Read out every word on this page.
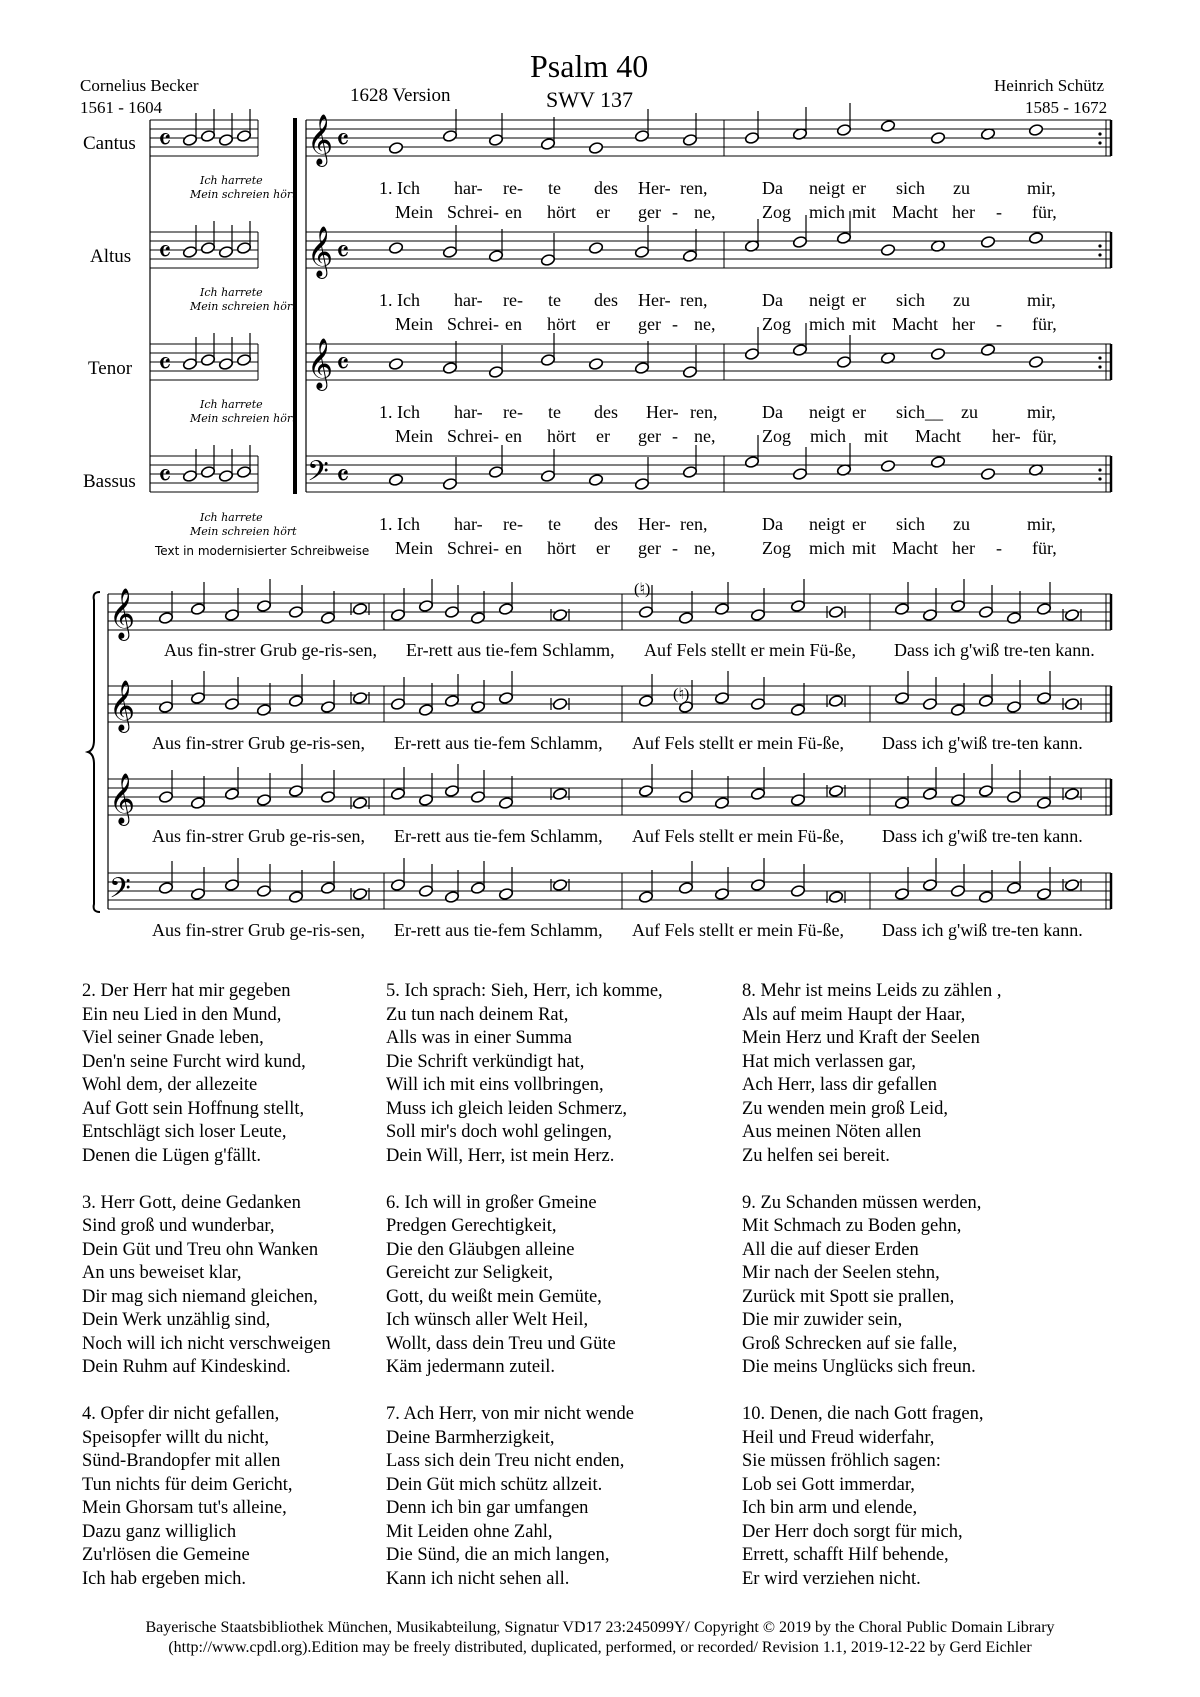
Psalm 40
SWV 137
1628 Version
Cornelius Becker
1561 - 1604
Heinrich Schütz
1585 - 1672
Cantus
Altus
Tenor
Bassus
Ich harrete
Mein schreien hört
Ich harrete
Mein schreien hört
Ich harrete
Mein schreien hört
Ich harrete
Mein schreien hört
Text in modernisierter Schreibweise
𝄴	𝄴
𝄞
𝄴	𝄴
𝄞
𝄴	𝄴
𝄞
𝄴	𝄴
𝄢
𝄞
𝄞
𝄞
𝄢
1. Ich har- re- te des Her- ren,	Da neigt er sich zu	mir,
Mein Schrei- en hört er ger - ne,	Zog mich mit Macht her - für,
1. Ich har- re- te des Her- ren,	Da neigt er sich zu	mir,
Mein Schrei- en hört er ger - ne,	Zog mich mit Macht her - für,
1. Ich har- re- te des Her- ren,	Da neigt er sich zu	mir,
Mein Schrei- en hört er ger - ne,	Zog mich mit Macht her - für,
1. Ich har- re- te des Her- ren, Da neigt er sich__ zu	mir,
Mein Schrei- en hört er ger - ne,	Zog mich mit Macht her- für,
Aus fin-strer Grub ge-ris-sen, Er-rett aus tie-fem Schlamm, Auf Fels stellt er mein Fü-ße, Dass ich g'wiß tre-ten kann.
Aus fin-strer Grub ge-ris-sen, Er-rett aus tie-fem Schlamm, Auf Fels stellt er mein Fü-ße, Dass ich g'wiß tre-ten kann.
Aus fin-strer Grub ge-ris-sen, Er-rett aus tie-fem Schlamm, Auf Fels stellt er mein Fü-ße, Dass ich g'wiß tre-ten kann.
Aus fin-strer Grub ge-ris-sen, Er-rett aus tie-fem Schlamm, Auf Fels stellt er mein Fü-ße, Dass ich g'wiß tre-ten kann.
(♮)
(♮)
2. Der Herr hat mir gegeben
Ein neu Lied in den Mund,
Viel seiner Gnade leben,
Den'n seine Furcht wird kund,
Wohl dem, der allezeite
Auf Gott sein Hoffnung stellt,
Entschlägt sich loser Leute,
Denen die Lügen g'fällt.
3. Herr Gott, deine Gedanken
Sind groß und wunderbar,
Dein Güt und Treu ohn Wanken
An uns beweiset klar,
Dir mag sich niemand gleichen,
Dein Werk unzählig sind,
Noch will ich nicht verschweigen
Dein Ruhm auf Kindeskind.
4. Opfer dir nicht gefallen,
Speisopfer willt du nicht,
Sünd-Brandopfer mit allen
Tun nichts für deim Gericht,
Mein Ghorsam tut's alleine,
Dazu ganz williglich
Zu'rlösen die Gemeine
Ich hab ergeben mich.
5. Ich sprach: Sieh, Herr, ich komme,
Zu tun nach deinem Rat,
Alls was in einer Summa
Die Schrift verkündigt hat,
Will ich mit eins vollbringen,
Muss ich gleich leiden Schmerz,
Soll mir's doch wohl gelingen,
Dein Will, Herr, ist mein Herz.
6. Ich will in großer Gmeine
Predgen Gerechtigkeit,
Die den Gläubgen alleine
Gereicht zur Seligkeit,
Gott, du weißt mein Gemüte,
Ich wünsch aller Welt Heil,
Wollt, dass dein Treu und Güte
Käm jedermann zuteil.
7. Ach Herr, von mir nicht wende
Deine Barmherzigkeit,
Lass sich dein Treu nicht enden,
Dein Güt mich schütz allzeit.
Denn ich bin gar umfangen
Mit Leiden ohne Zahl,
Die Sünd, die an mich langen,
Kann ich nicht sehen all.
8. Mehr ist meins Leids zu zählen ,
Als auf meim Haupt der Haar,
Mein Herz und Kraft der Seelen
Hat mich verlassen gar,
Ach Herr, lass dir gefallen
Zu wenden mein groß Leid,
Aus meinen Nöten allen
Zu helfen sei bereit.
9. Zu Schanden müssen werden,
Mit Schmach zu Boden gehn,
All die auf dieser Erden
Mir nach der Seelen stehn,
Zurück mit Spott sie prallen,
Die mir zuwider sein,
Groß Schrecken auf sie falle,
Die meins Unglücks sich freun.
10. Denen, die nach Gott fragen,
Heil und Freud widerfahr,
Sie müssen fröhlich sagen:
Lob sei Gott immerdar,
Ich bin arm und elende,
Der Herr doch sorgt für mich,
Errett, schafft Hilf behende,
Er wird verziehen nicht.
Bayerische Staatsbibliothek München, Musikabteilung, Signatur VD17 23:245099Y/ Copyright © 2019 by the Choral Public Domain Library
(http://www.cpdl.org).Edition may be freely distributed, duplicated, performed, or recorded/ Revision 1.1, 2019-12-22 by Gerd Eichler
